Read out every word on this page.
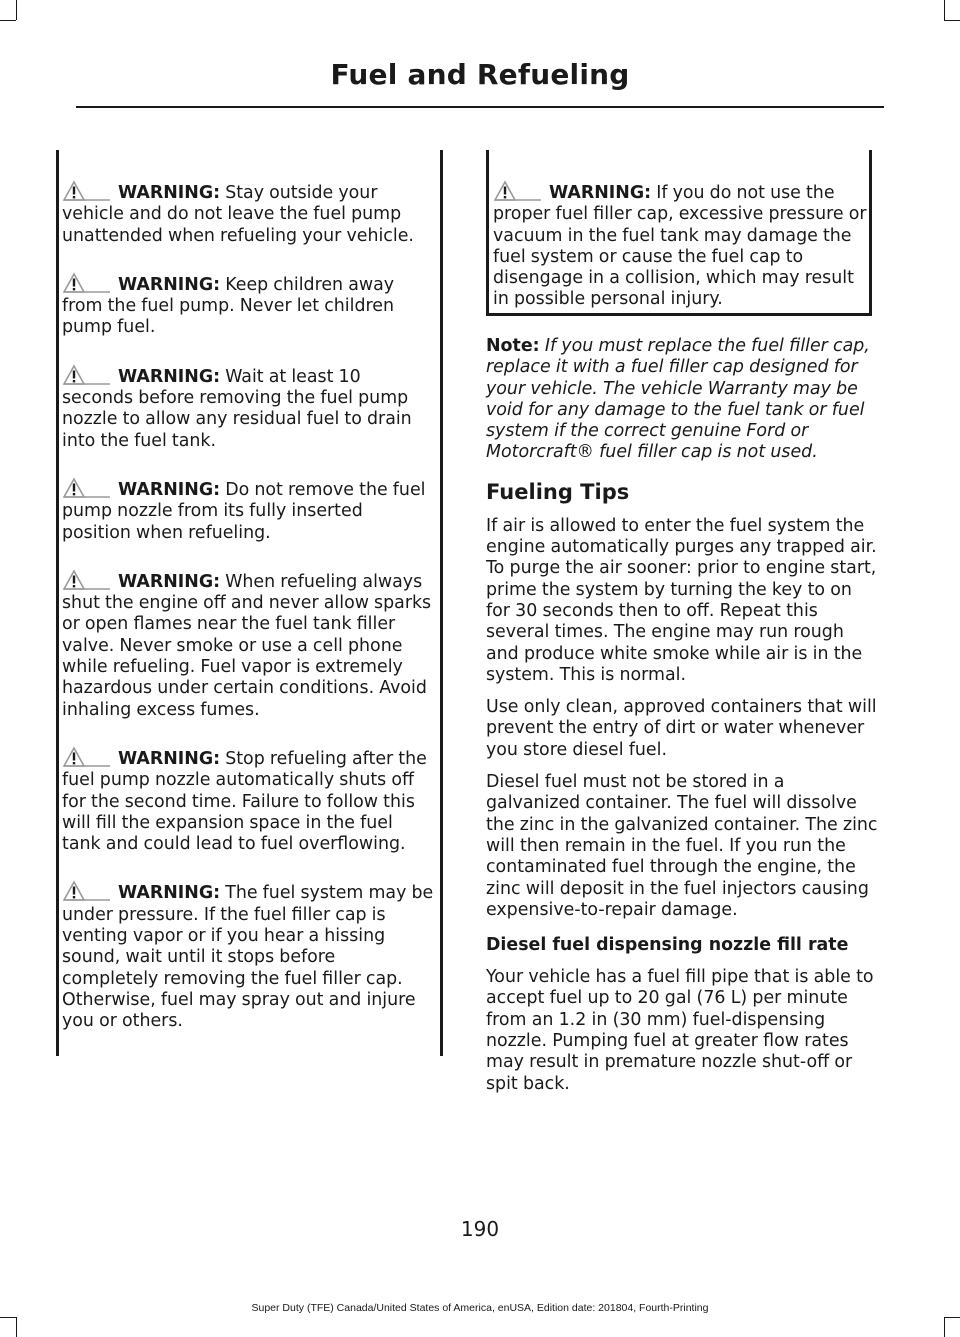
Fuel and Refueling

WARNING: Stay outside your vehicle and do not leave the fuel pump unattended when refueling your vehicle.

WARNING: Keep children away from the fuel pump. Never let children pump fuel.

WARNING: Wait at least 10 seconds before removing the fuel pump nozzle to allow any residual fuel to drain into the fuel tank.

WARNING: Do not remove the fuel pump nozzle from its fully inserted position when refueling.

WARNING: When refueling always shut the engine off and never allow sparks or open flames near the fuel tank filler valve. Never smoke or use a cell phone while refueling. Fuel vapor is extremely hazardous under certain conditions. Avoid inhaling excess fumes.

WARNING: Stop refueling after the fuel pump nozzle automatically shuts off for the second time. Failure to follow this will fill the expansion space in the fuel tank and could lead to fuel overflowing.

WARNING: The fuel system may be under pressure. If the fuel filler cap is venting vapor or if you hear a hissing sound, wait until it stops before completely removing the fuel filler cap. Otherwise, fuel may spray out and injure you or others.

WARNING: If you do not use the proper fuel filler cap, excessive pressure or vacuum in the fuel tank may damage the fuel system or cause the fuel cap to disengage in a collision, which may result in possible personal injury.

Note: If you must replace the fuel filler cap, replace it with a fuel filler cap designed for your vehicle. The vehicle Warranty may be void for any damage to the fuel tank or fuel system if the correct genuine Ford or Motorcraft® fuel filler cap is not used.

Fueling Tips

If air is allowed to enter the fuel system the engine automatically purges any trapped air. To purge the air sooner: prior to engine start, prime the system by turning the key to on for 30 seconds then to off. Repeat this several times. The engine may run rough and produce white smoke while air is in the system. This is normal.

Use only clean, approved containers that will prevent the entry of dirt or water whenever you store diesel fuel.

Diesel fuel must not be stored in a galvanized container. The fuel will dissolve the zinc in the galvanized container. The zinc will then remain in the fuel. If you run the contaminated fuel through the engine, the zinc will deposit in the fuel injectors causing expensive-to-repair damage.

Diesel fuel dispensing nozzle fill rate

Your vehicle has a fuel fill pipe that is able to accept fuel up to 20 gal (76 L) per minute from an 1.2 in (30 mm) fuel-dispensing nozzle. Pumping fuel at greater flow rates may result in premature nozzle shut-off or spit back.

190
Super Duty (TFE) Canada/United States of America, enUSA, Edition date: 201804, Fourth-Printing
